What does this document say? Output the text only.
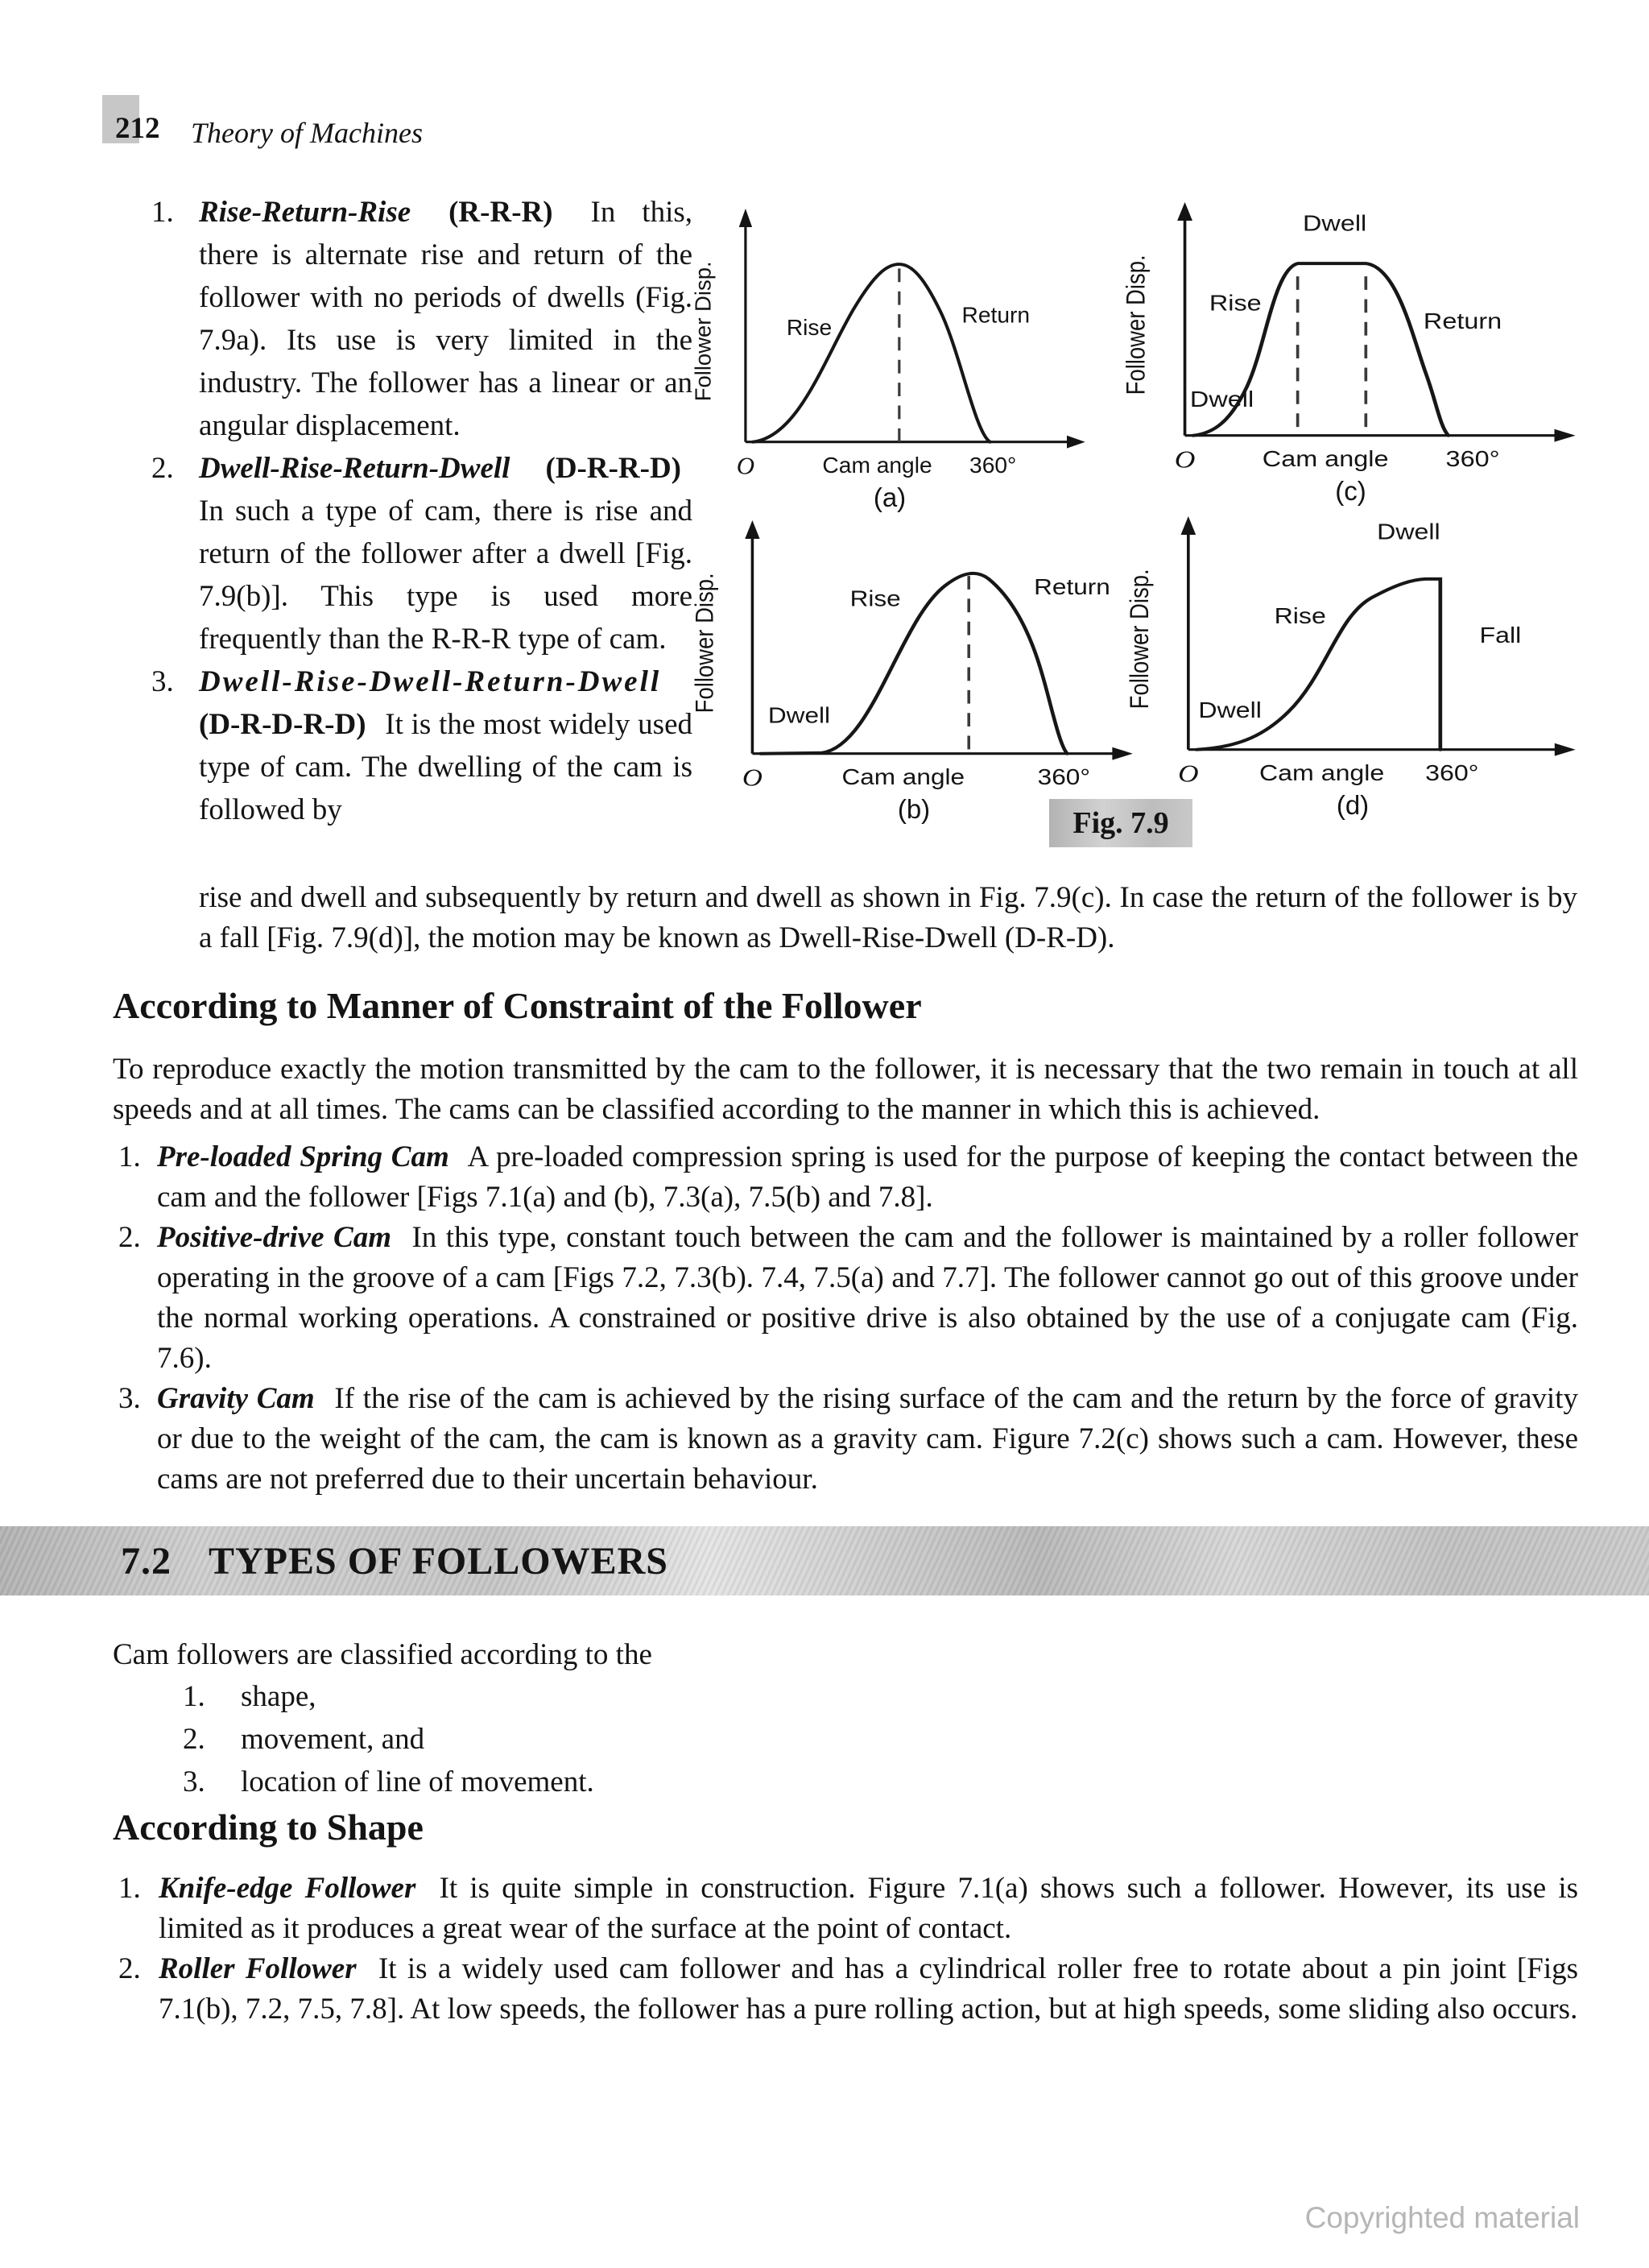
212 Theory of Machines
1. Rise-Return-Rise (R-R-R) In this, there is alternate rise and return of the follower with no periods of dwells (Fig. 7.9a). Its use is very limited in the industry. The follower has a linear or an angular displacement.
2. Dwell-Rise-Return-Dwell (D-R-R-D) In such a type of cam, there is rise and return of the follower after a dwell [Fig. 7.9(b)]. This type is used more frequently than the R-R-R type of cam.
3. Dwell-Rise-Dwell-Return-Dwell (D-R-D-R-D) It is the most widely used type of cam. The dwelling of the cam is followed by
Rise	Return
Follower Disp.
O	Cam angle 360°
(a)
Dwell
Rise
Return
Dwell
Follower Disp.
O	Cam angle 360°
(c)
Rise	Return
Dwell
Follower Disp.
O	Cam angle	360°
(b)
Dwell
Rise
Fall
Dwell
Follower Disp.
O Cam angle 360°
(d)
Fig. 7.9
rise and dwell and subsequently by return and dwell as shown in Fig. 7.9(c). In case the return of the follower is by a fall [Fig. 7.9(d)], the motion may be known as Dwell-Rise-Dwell (D-R-D).
According to Manner of Constraint of the Follower
To reproduce exactly the motion transmitted by the cam to the follower, it is necessary that the two remain in touch at all speeds and at all times. The cams can be classified according to the manner in which this is achieved.
1. Pre-loaded Spring Cam A pre-loaded compression spring is used for the purpose of keeping the contact between the cam and the follower [Figs 7.1(a) and (b), 7.3(a), 7.5(b) and 7.8].
2. Positive-drive Cam In this type, constant touch between the cam and the follower is maintained by a roller follower operating in the groove of a cam [Figs 7.2, 7.3(b). 7.4, 7.5(a) and 7.7]. The follower cannot go out of this groove under the normal working operations. A constrained or positive drive is also obtained by the use of a conjugate cam (Fig. 7.6).
3. Gravity Cam If the rise of the cam is achieved by the rising surface of the cam and the return by the force of gravity or due to the weight of the cam, the cam is known as a gravity cam. Figure 7.2(c) shows such a cam. However, these cams are not preferred due to their uncertain behaviour.
7.2 TYPES OF FOLLOWERS
Cam followers are classified according to the
1.	shape,
2.	movement, and
3.	location of line of movement.
According to Shape
1. Knife-edge Follower It is quite simple in construction. Figure 7.1(a) shows such a follower. However, its use is limited as it produces a great wear of the surface at the point of contact.
2. Roller Follower It is a widely used cam follower and has a cylindrical roller free to rotate about a pin joint [Figs 7.1(b), 7.2, 7.5, 7.8]. At low speeds, the follower has a pure rolling action, but at high speeds, some sliding also occurs.
Copyrighted material
